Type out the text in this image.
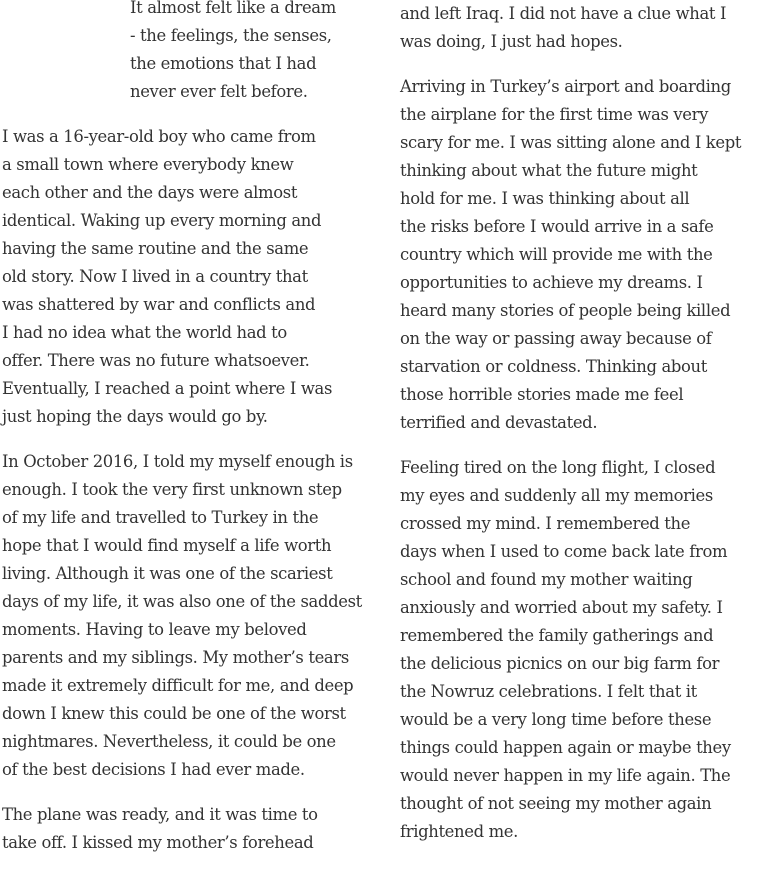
It almost felt like a dream
- the feelings, the senses,
the emotions that I had
never ever felt before.
I was a 16-year-old boy who came from
a small town where everybody knew
each other and the days were almost
identical. Waking up every morning and
having the same routine and the same
old story. Now I lived in a country that
was shattered by war and conflicts and
I had no idea what the world had to
offer. There was no future whatsoever.
Eventually, I reached a point where I was
just hoping the days would go by.
In October 2016, I told my myself enough is
enough. I took the very first unknown step
of my life and travelled to Turkey in the
hope that I would find myself a life worth
living. Although it was one of the scariest
days of my life, it was also one of the saddest
moments. Having to leave my beloved
parents and my siblings. My mother’s tears
made it extremely difficult for me, and deep
down I knew this could be one of the worst
nightmares. Nevertheless, it could be one
of the best decisions I had ever made.
The plane was ready, and it was time to
take off. I kissed my mother’s forehead
and left Iraq. I did not have a clue what I
was doing, I just had hopes.
Arriving in Turkey’s airport and boarding
the airplane for the first time was very
scary for me. I was sitting alone and I kept
thinking about what the future might
hold for me. I was thinking about all
the risks before I would arrive in a safe
country which will provide me with the
opportunities to achieve my dreams. I
heard many stories of people being killed
on the way or passing away because of
starvation or coldness. Thinking about
those horrible stories made me feel
terrified and devastated.
Feeling tired on the long flight, I closed
my eyes and suddenly all my memories
crossed my mind. I remembered the
days when I used to come back late from
school and found my mother waiting
anxiously and worried about my safety. I
remembered the family gatherings and
the delicious picnics on our big farm for
the Nowruz celebrations. I felt that it
would be a very long time before these
things could happen again or maybe they
would never happen in my life again. The
thought of not seeing my mother again
frightened me.
